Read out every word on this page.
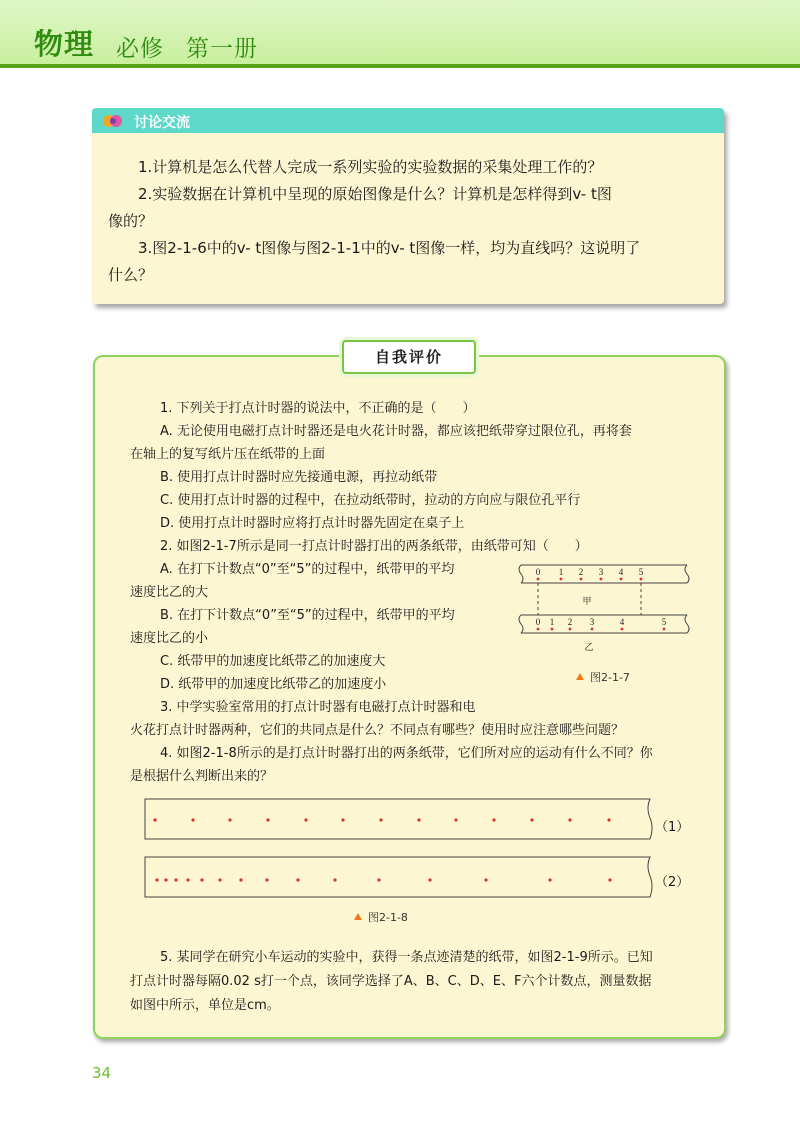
物理 必修 第一册
讨论交流

1.计算机是怎么代替人完成一系列实验的实验数据的采集处理工作的？

2.实验数据在计算机中呈现的原始图像是什么？计算机是怎样得到v- t图

像的？

3.图2-1-6中的v- t图像与图2-1-1中的v- t图像一样，均为直线吗？这说明了

什么？

自我评价
1. 下列关于打点计时器的说法中，不正确的是（　　）
A. 无论使用电磁打点计时器还是电火花计时器，都应该把纸带穿过限位孔，再将套
在轴上的复写纸片压在纸带的上面
B. 使用打点计时器时应先接通电源，再拉动纸带
C. 使用打点计时器的过程中，在拉动纸带时，拉动的方向应与限位孔平行
D. 使用打点计时器时应将打点计时器先固定在桌子上
2. 如图2-1-7所示是同一打点计时器打出的两条纸带，由纸带可知（　　）
A. 在打下计数点“0”至“5”的过程中，纸带甲的平均
速度比乙的大
B. 在打下计数点“0”至“5”的过程中，纸带甲的平均
速度比乙的小
C. 纸带甲的加速度比纸带乙的加速度大
D. 纸带甲的加速度比纸带乙的加速度小
3. 中学实验室常用的打点计时器有电磁打点计时器和电
火花打点计时器两种，它们的共同点是什么？不同点有哪些？使用时应注意哪些问题？
4. 如图2-1-8所示的是打点计时器打出的两条纸带，它们所对应的运动有什么不同？你
是根据什么判断出来的？
0 1 2 3 4 5
0 1 2 3	4	5
甲
乙
图2-1-7
（1）
（2）
图2-1-8
5. 某同学在研究小车运动的实验中，获得一条点迹清楚的纸带，如图2-1-9所示。已知
打点计时器每隔0.02 s打一个点，该同学选择了A、B、C、D、E、F六个计数点，测量数据
如图中所示，单位是cm。
34
